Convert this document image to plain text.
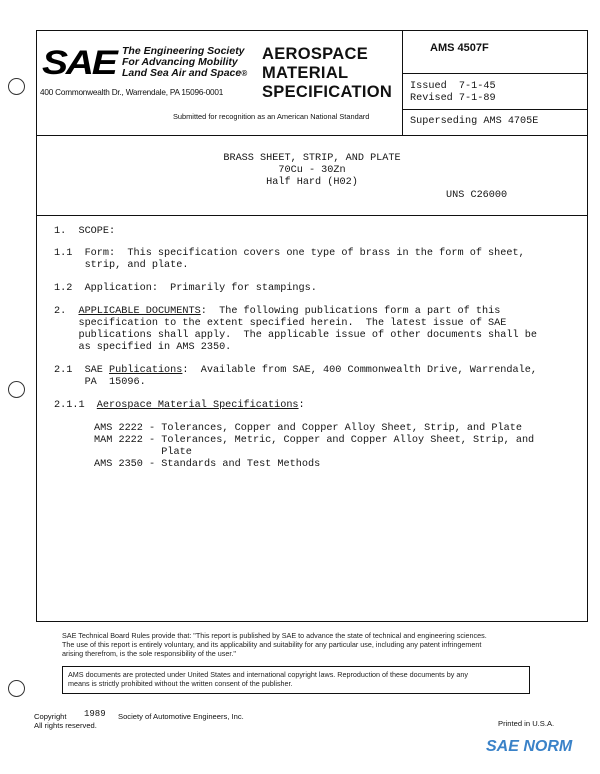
SAE The Engineering Society
For Advancing Mobility
Land Sea Air and Space®
400 Commonwealth Dr., Warrendale, PA 15096-0001
AEROSPACE
MATERIAL
SPECIFICATION
Submitted for recognition as an American National Standard
AMS 4507F
Issued  7-1-45
Revised 7-1-89
Superseding AMS 4705E
BRASS SHEET, STRIP, AND PLATE
70Cu - 30Zn
Half Hard (H02)
UNS C26000

1.  SCOPE:

1.1  Form:  This specification covers one type of brass in the form of sheet,

strip, and plate.

1.2  Application:  Primarily for stampings.

2.  APPLICABLE DOCUMENTS:  The following publications form a part of this

specification to the extent specified herein.  The latest issue of SAE

publications shall apply.  The applicable issue of other documents shall be

as specified in AMS 2350.

2.1  SAE Publications:  Available from SAE, 400 Commonwealth Drive, Warrendale,

PA  15096.

2.1.1  Aerospace Material Specifications:

AMS 2222 - Tolerances, Copper and Copper Alloy Sheet, Strip, and Plate

MAM 2222 - Tolerances, Metric, Copper and Copper Alloy Sheet, Strip, and

Plate

AMS 2350 - Standards and Test Methods

SAE Technical Board Rules provide that: "This report is published by SAE to advance the state of technical and engineering sciences.
The use of this report is entirely voluntary, and its applicability and suitability for any particular use, including any patent infringement
arising therefrom, is the sole responsibility of the user."
AMS documents are protected under United States and international copyright laws. Reproduction of these documents by any
means is strictly prohibited without the written consent of the publisher.
Copyright
All rights reserved.
1989 Society of Automotive Engineers, Inc.
Printed in U.S.A.
SAE NORM
